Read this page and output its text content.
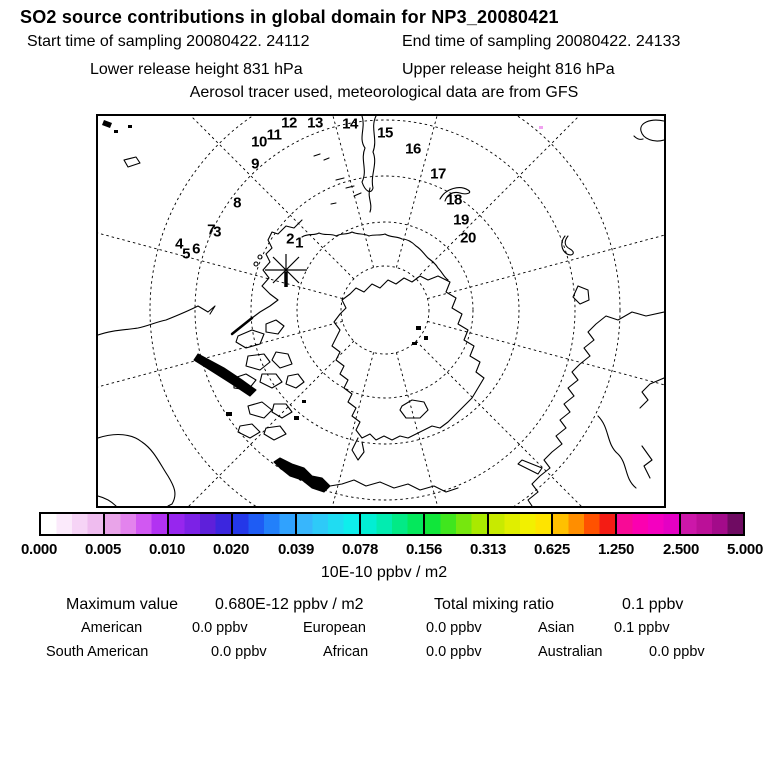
SO2 source contributions in global domain for NP3_20080421
Start time of sampling 20080422. 24112	End time of sampling 20080422. 24133
Lower release height 831 hPa	Upper release height 816 hPa
Aerosol tracer used, meteorological data are from GFS
1
2
3
4
5 6
7
8
9
10 11
12 13 14
15
16
17
18
19
20
0.000 0.005 0.010 0.020 0.039 0.078 0.156 0.313 0.625 1.250 2.500 5.000
10E-10 ppbv / m2
Maximum value 0.680E-12 ppbv / m2	Total mixing ratio	0.1 ppbv
American	0.0 ppbv	European	0.0 ppbv	Asian	0.1 ppbv
South American	0.0 ppbv	African	0.0 ppbv	Australian	0.0 ppbv
